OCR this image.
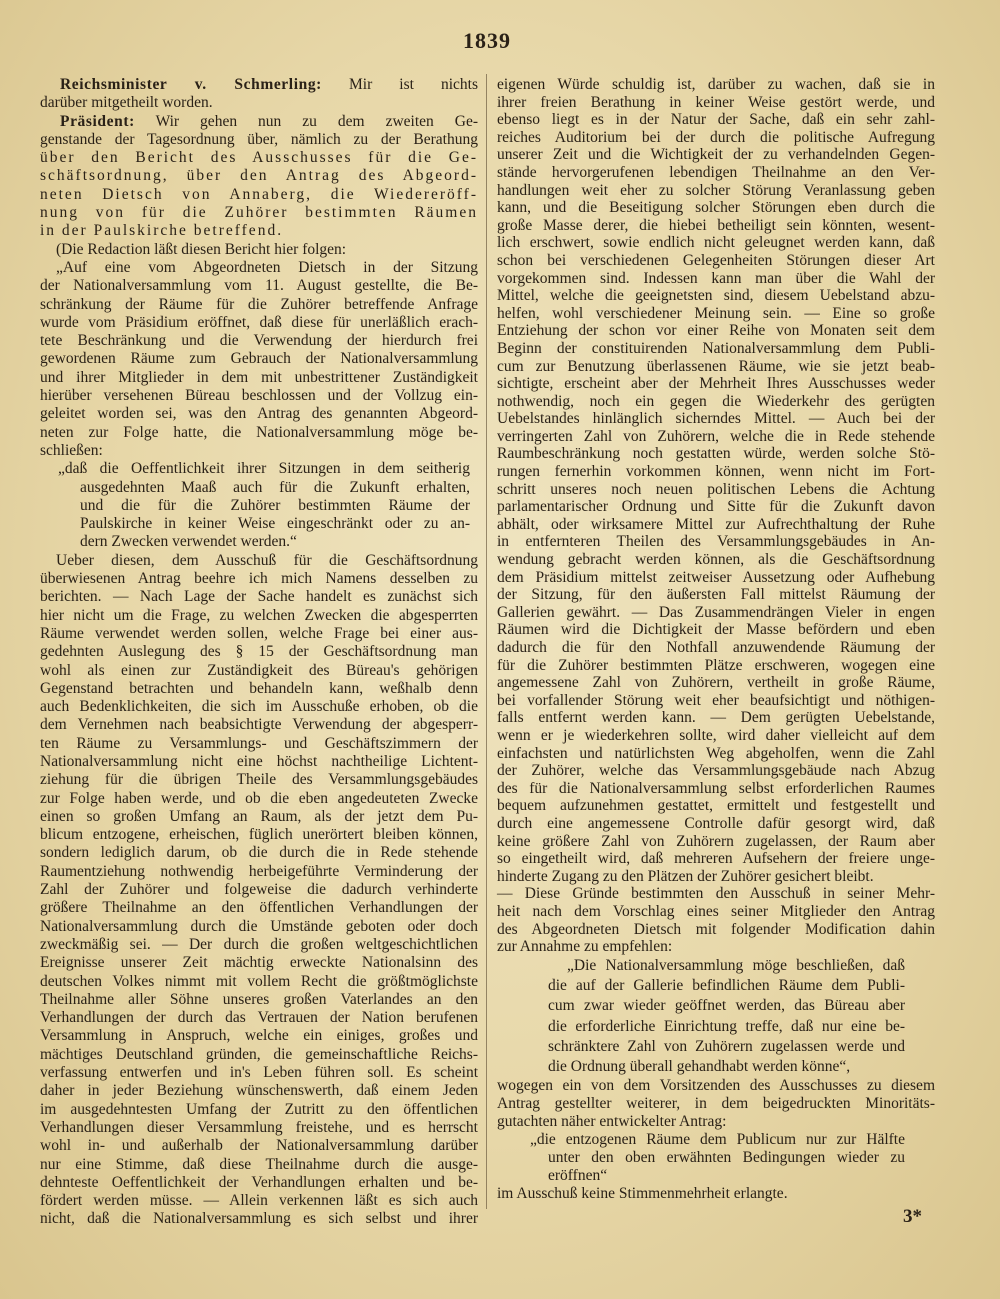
1839
Reichsminister v. Schmerling: Mir ist nichts
darüber mitgetheilt worden.
Präsident: Wir gehen nun zu dem zweiten Ge-
genstande der Tagesordnung über, nämlich zu der Berathung
über den Bericht des Ausschusses für die Ge-
schäftsordnung, über den Antrag des Abgeord-
neten Dietsch von Annaberg, die Wiedereröff-
nung von für die Zuhörer bestimmten Räumen
in der Paulskirche betreffend.
(Die Redaction läßt diesen Bericht hier folgen:
„Auf eine vom Abgeordneten Dietsch in der Sitzung
der Nationalversammlung vom 11. August gestellte, die Be-
schränkung der Räume für die Zuhörer betreffende Anfrage
wurde vom Präsidium eröffnet, daß diese für unerläßlich erach-
tete Beschränkung und die Verwendung der hierdurch frei
gewordenen Räume zum Gebrauch der Nationalversammlung
und ihrer Mitglieder in dem mit unbestrittener Zuständigkeit
hierüber versehenen Büreau beschlossen und der Vollzug ein-
geleitet worden sei, was den Antrag des genannten Abgeord-
neten zur Folge hatte, die Nationalversammlung möge be-
schließen:
„daß die Oeffentlichkeit ihrer Sitzungen in dem seitherig
ausgedehnten Maaß auch für die Zukunft erhalten,
und die für die Zuhörer bestimmten Räume der
Paulskirche in keiner Weise eingeschränkt oder zu an-
dern Zwecken verwendet werden.“
Ueber diesen, dem Ausschuß für die Geschäftsordnung
überwiesenen Antrag beehre ich mich Namens desselben zu
berichten. — Nach Lage der Sache handelt es zunächst sich
hier nicht um die Frage, zu welchen Zwecken die abgesperrten
Räume verwendet werden sollen, welche Frage bei einer aus-
gedehnten Auslegung des § 15 der Geschäftsordnung man
wohl als einen zur Zuständigkeit des Büreau's gehörigen
Gegenstand betrachten und behandeln kann, weßhalb denn
auch Bedenklichkeiten, die sich im Ausschuße erhoben, ob die
dem Vernehmen nach beabsichtigte Verwendung der abgesperr-
ten Räume zu Versammlungs- und Geschäftszimmern der
Nationalversammlung nicht eine höchst nachtheilige Lichtent-
ziehung für die übrigen Theile des Versammlungsgebäudes
zur Folge haben werde, und ob die eben angedeuteten Zwecke
einen so großen Umfang an Raum, als der jetzt dem Pu-
blicum entzogene, erheischen, füglich unerörtert bleiben können,
sondern lediglich darum, ob die durch die in Rede stehende
Raumentziehung nothwendig herbeigeführte Verminderung der
Zahl der Zuhörer und folgeweise die dadurch verhinderte
größere Theilnahme an den öffentlichen Verhandlungen der
Nationalversammlung durch die Umstände geboten oder doch
zweckmäßig sei. — Der durch die großen weltgeschichtlichen
Ereignisse unserer Zeit mächtig erweckte Nationalsinn des
deutschen Volkes nimmt mit vollem Recht die größtmöglichste
Theilnahme aller Söhne unseres großen Vaterlandes an den
Verhandlungen der durch das Vertrauen der Nation berufenen
Versammlung in Anspruch, welche ein einiges, großes und
mächtiges Deutschland gründen, die gemeinschaftliche Reichs-
verfassung entwerfen und in's Leben führen soll. Es scheint
daher in jeder Beziehung wünschenswerth, daß einem Jeden
im ausgedehntesten Umfang der Zutritt zu den öffentlichen
Verhandlungen dieser Versammlung freistehe, und es herrscht
wohl in- und außerhalb der Nationalversammlung darüber
nur eine Stimme, daß diese Theilnahme durch die ausge-
dehnteste Oeffentlichkeit der Verhandlungen erhalten und be-
fördert werden müsse. — Allein verkennen läßt es sich auch
nicht, daß die Nationalversammlung es sich selbst und ihrer
eigenen Würde schuldig ist, darüber zu wachen, daß sie in
ihrer freien Berathung in keiner Weise gestört werde, und
ebenso liegt es in der Natur der Sache, daß ein sehr zahl-
reiches Auditorium bei der durch die politische Aufregung
unserer Zeit und die Wichtigkeit der zu verhandelnden Gegen-
stände hervorgerufenen lebendigen Theilnahme an den Ver-
handlungen weit eher zu solcher Störung Veranlassung geben
kann, und die Beseitigung solcher Störungen eben durch die
große Masse derer, die hiebei betheiligt sein könnten, wesent-
lich erschwert, sowie endlich nicht geleugnet werden kann, daß
schon bei verschiedenen Gelegenheiten Störungen dieser Art
vorgekommen sind. Indessen kann man über die Wahl der
Mittel, welche die geeignetsten sind, diesem Uebelstand abzu-
helfen, wohl verschiedener Meinung sein. — Eine so große
Entziehung der schon vor einer Reihe von Monaten seit dem
Beginn der constituirenden Nationalversammlung dem Publi-
cum zur Benutzung überlassenen Räume, wie sie jetzt beab-
sichtigte, erscheint aber der Mehrheit Ihres Ausschusses weder
nothwendig, noch ein gegen die Wiederkehr des gerügten
Uebelstandes hinlänglich sicherndes Mittel. — Auch bei der
verringerten Zahl von Zuhörern, welche die in Rede stehende
Raumbeschränkung noch gestatten würde, werden solche Stö-
rungen fernerhin vorkommen können, wenn nicht im Fort-
schritt unseres noch neuen politischen Lebens die Achtung
parlamentarischer Ordnung und Sitte für die Zukunft davon
abhält, oder wirksamere Mittel zur Aufrechthaltung der Ruhe
in entfernteren Theilen des Versammlungsgebäudes in An-
wendung gebracht werden können, als die Geschäftsordnung
dem Präsidium mittelst zeitweiser Aussetzung oder Aufhebung
der Sitzung, für den äußersten Fall mittelst Räumung der
Gallerien gewährt. — Das Zusammendrängen Vieler in engen
Räumen wird die Dichtigkeit der Masse befördern und eben
dadurch die für den Nothfall anzuwendende Räumung der
für die Zuhörer bestimmten Plätze erschweren, wogegen eine
angemessene Zahl von Zuhörern, vertheilt in große Räume,
bei vorfallender Störung weit eher beaufsichtigt und nöthigen-
falls entfernt werden kann. — Dem gerügten Uebelstande,
wenn er je wiederkehren sollte, wird daher vielleicht auf dem
einfachsten und natürlichsten Weg abgeholfen, wenn die Zahl
der Zuhörer, welche das Versammlungsgebäude nach Abzug
des für die Nationalversammlung selbst erforderlichen Raumes
bequem aufzunehmen gestattet, ermittelt und festgestellt und
durch eine angemessene Controlle dafür gesorgt wird, daß
keine größere Zahl von Zuhörern zugelassen, der Raum aber
so eingetheilt wird, daß mehreren Aufsehern der freiere unge-
hinderte Zugang zu den Plätzen der Zuhörer gesichert bleibt.
— Diese Gründe bestimmten den Ausschuß in seiner Mehr-
heit nach dem Vorschlag eines seiner Mitglieder den Antrag
des Abgeordneten Dietsch mit folgender Modification dahin
zur Annahme zu empfehlen:
„Die Nationalversammlung möge beschließen, daß
die auf der Gallerie befindlichen Räume dem Publi-
cum zwar wieder geöffnet werden, das Büreau aber
die erforderliche Einrichtung treffe, daß nur eine be-
schränktere Zahl von Zuhörern zugelassen werde und
die Ordnung überall gehandhabt werden könne“,
wogegen ein von dem Vorsitzenden des Ausschusses zu diesem
Antrag gestellter weiterer, in dem beigedruckten Minoritäts-
gutachten näher entwickelter Antrag:
„die entzogenen Räume dem Publicum nur zur Hälfte
unter den oben erwähnten Bedingungen wieder zu
eröffnen“
im Ausschuß keine Stimmenmehrheit erlangte.
3*
